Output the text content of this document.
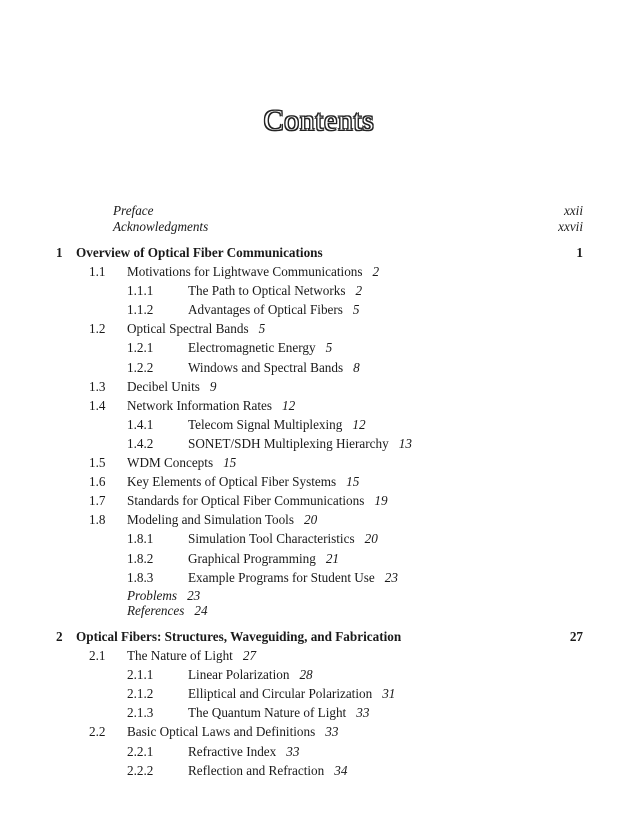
Contents
Preface	xxii
Acknowledgments	xxvii
1 Overview of Optical Fiber Communications	1
1.1 Motivations for Lightwave Communications 2
1.1.1	The Path to Optical Networks 2
1.1.2	Advantages of Optical Fibers 5
1.2 Optical Spectral Bands 5
1.2.1	Electromagnetic Energy 5
1.2.2	Windows and Spectral Bands 8
1.3 Decibel Units 9
1.4 Network Information Rates 12
1.4.1	Telecom Signal Multiplexing 12
1.4.2	SONET/SDH Multiplexing Hierarchy 13
1.5 WDM Concepts 15
1.6 Key Elements of Optical Fiber Systems 15
1.7 Standards for Optical Fiber Communications 19
1.8 Modeling and Simulation Tools 20
1.8.1	Simulation Tool Characteristics 20
1.8.2	Graphical Programming 21
1.8.3	Example Programs for Student Use 23
Problems 23
References 24
2 Optical Fibers: Structures, Waveguiding, and Fabrication	27
2.1 The Nature of Light 27
2.1.1	Linear Polarization 28
2.1.2	Elliptical and Circular Polarization 31
2.1.3	The Quantum Nature of Light 33
2.2 Basic Optical Laws and Definitions 33
2.2.1	Refractive Index 33
2.2.2	Reflection and Refraction 34
